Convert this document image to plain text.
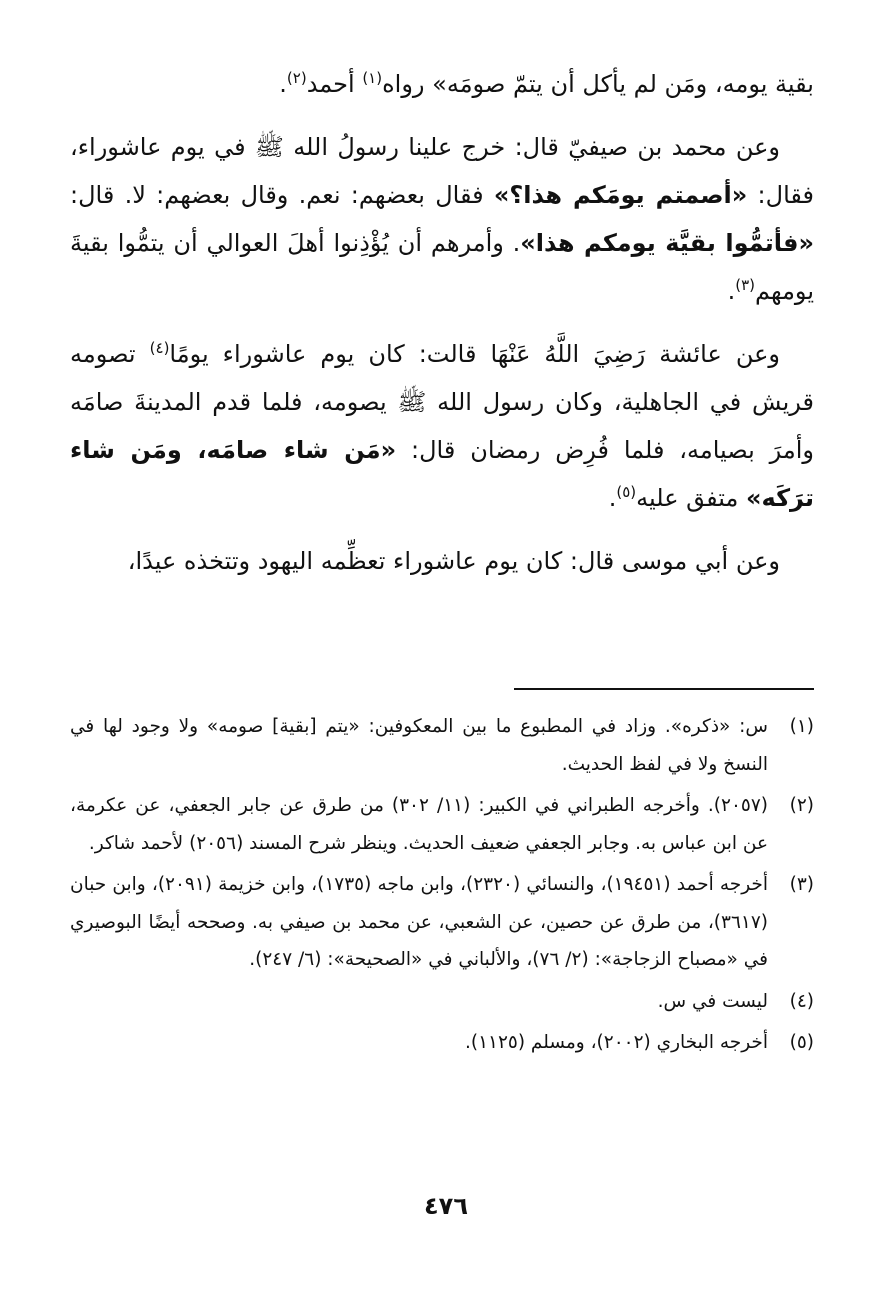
بقية يومه، ومَن لم يأكل أن يتمّ صومَه» رواه$^{(١)}$ أحمد$^{(٢)}$.

وعن محمد بن صيفيّ قال: خرج علينا رسولُ الله ﷺ في يوم عاشوراء، فقال: «أصمتم يومَكم هذا؟» فقال بعضهم: نعم. وقال بعضهم: لا. قال: «فأتمُّوا بقيَّة يومكم هذا». وأمرهم أن يُؤْذِنوا أهلَ العوالي أن يتمُّوا بقيةَ يومهم$^{(٣)}$.

وعن عائشة رَضِيَ اللَّهُ عَنْهَا قالت: كان يوم عاشوراء يومًا$^{(٤)}$ تصومه قريش في الجاهلية، وكان رسول الله ﷺ يصومه، فلما قدم المدينةَ صامَه وأمرَ بصيامه، فلما فُرِض رمضان قال: «مَن شاء صامَه، ومَن شاء ترَكَه» متفق عليه$^{(٥)}$.

وعن أبي موسى قال: كان يوم عاشوراء تعظِّمه اليهود وتتخذه عيدًا،

(١)
س: «ذكره». وزاد في المطبوع ما بين المعكوفين: «يتم [بقية] صومه» ولا وجود لها في النسخ ولا في لفظ الحديث.
(٢)
(٢٠٥٧). وأخرجه الطبراني في الكبير: (١١/ ٣٠٢) من طرق عن جابر الجعفي، عن عكرمة، عن ابن عباس به. وجابر الجعفي ضعيف الحديث. وينظر شرح المسند (٢٠٥٦) لأحمد شاكر.
(٣)
أخرجه أحمد (١٩٤٥١)، والنسائي (٢٣٢٠)، وابن ماجه (١٧٣٥)، وابن خزيمة (٢٠٩١)، وابن حبان (٣٦١٧)، من طرق عن حصين، عن الشعبي، عن محمد بن صيفي به. وصححه أيضًا البوصيري في «مصباح الزجاجة»: (٢/ ٧٦)، والألباني في «الصحيحة»: (٦/ ٢٤٧).
(٤)
ليست في س.
(٥)
أخرجه البخاري (٢٠٠٢)، ومسلم (١١٢٥).
٤٧٦
